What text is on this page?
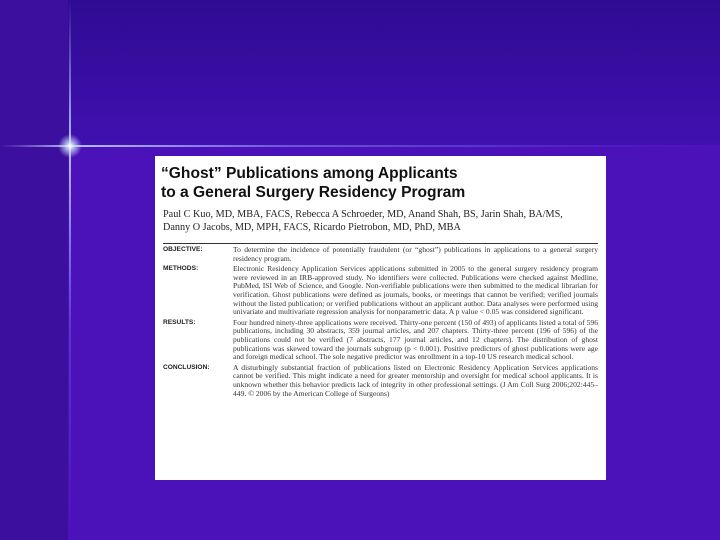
“Ghost” Publications among Applicants
to a General Surgery Residency Program
Paul C Kuo, MD, MBA, FACS, Rebecca A Schroeder, MD, Anand Shah, BS, Jarin Shah, BA/MS,
Danny O Jacobs, MD, MPH, FACS, Ricardo Pietrobon, MD, PhD, MBA
OBJECTIVE:	To determine the incidence of potentially fraudulent (or “ghost”) publications in applications to a general surgery residency program.
METHODS:	Electronic Residency Application Services applications submitted in 2005 to the general surgery residency program were reviewed in an IRB-approved study. No identifiers were collected. Publications were checked against Medline, PubMed, ISI Web of Science, and Google. Non-verifiable publications were then submitted to the medical librarian for verification. Ghost publications were defined as journals, books, or meetings that cannot be verified; verified journals without the listed publication; or verified publications without an applicant author. Data analyses were performed using univariate and multivariate regression analysis for nonparametric data. A p value < 0.05 was considered significant.
RESULTS:	Four hundred ninety-three applications were received. Thirty-one percent (150 of 493) of applicants listed a total of 596 publications, including 30 abstracts, 359 journal articles, and 207 chapters. Thirty-three percent (196 of 596) of the publications could not be verified (7 abstracts, 177 journal articles, and 12 chapters). The distribution of ghost publications was skewed toward the journals subgroup (p < 0.001). Positive predictors of ghost publications were age and foreign medical school. The sole negative predictor was enrollment in a top-10 US research medical school.
CONCLUSION:	A disturbingly substantial fraction of publications listed on Electronic Residency Application Services applications cannot be verified. This might indicate a need for greater mentorship and oversight for medical school applicants. It is unknown whether this behavior predicts lack of integrity in other professional settings. (J Am Coll Surg 2006;202:445–449. © 2006 by the American College of Surgeons)
